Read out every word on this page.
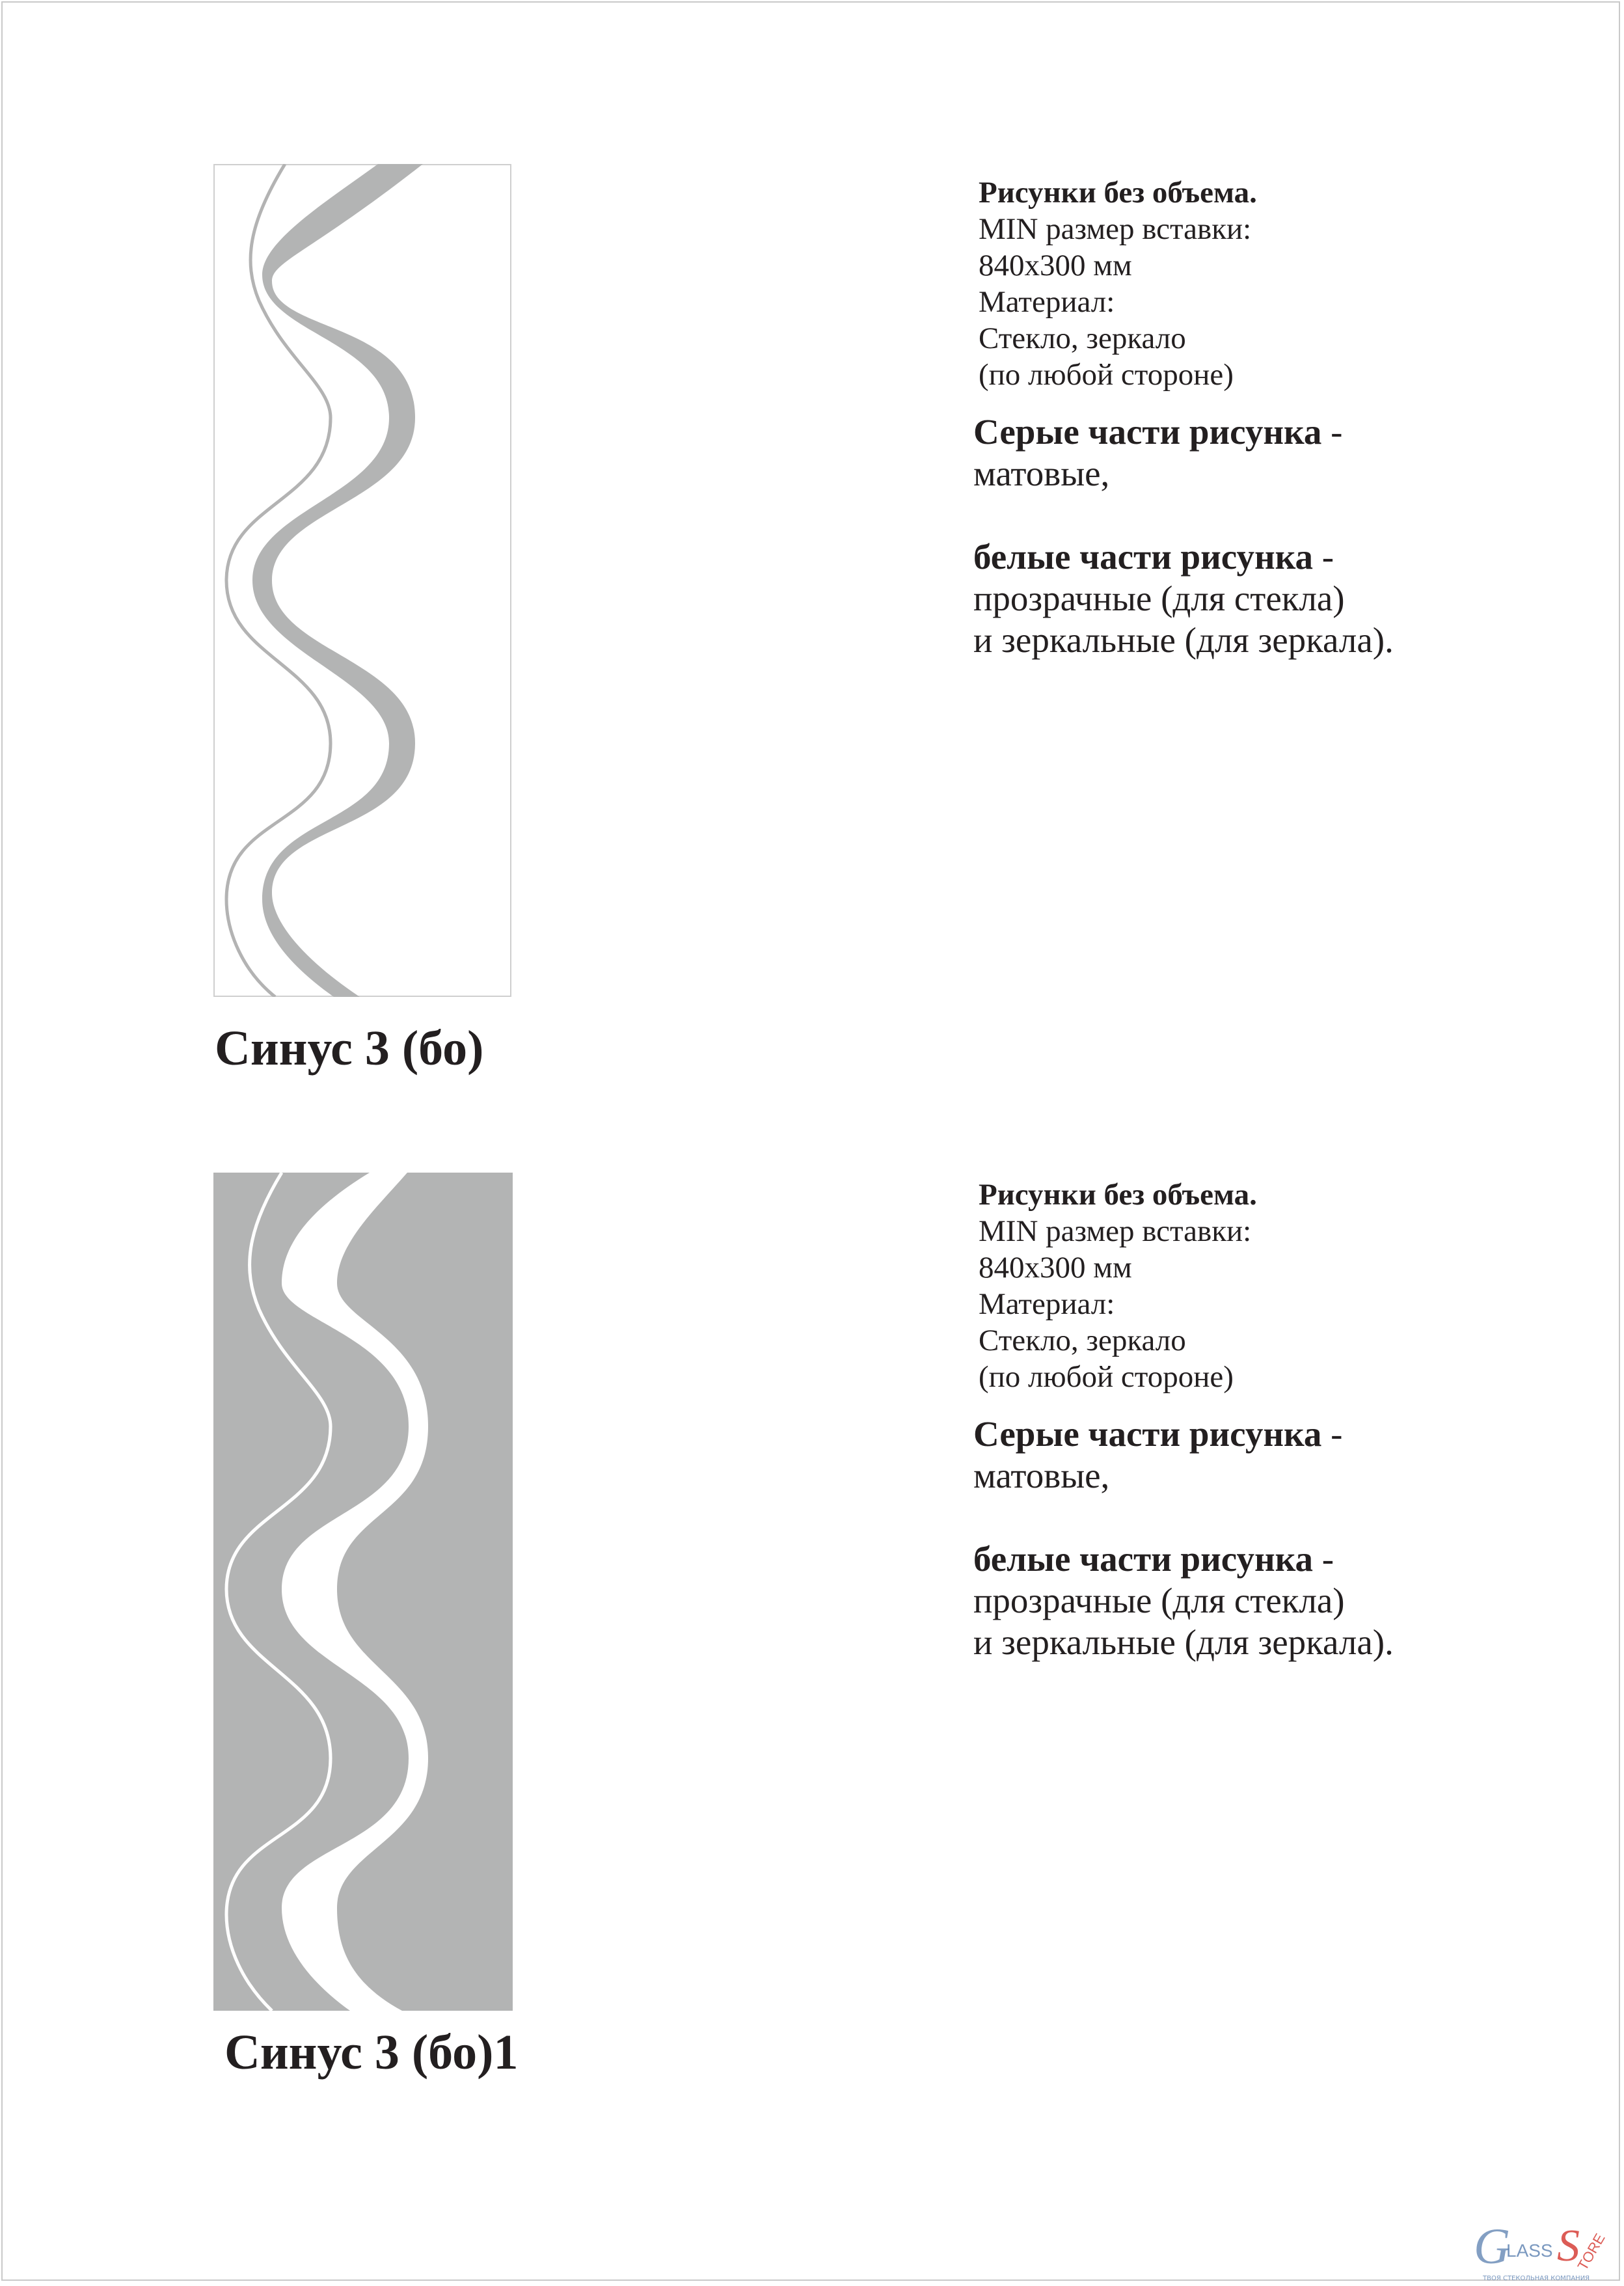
Синус 3 (бо)
Рисунки без объема.
MIN размер вставки:
840х300 мм
Материал:
Стекло, зеркало
(по любой стороне)
Серые части рисунка -
матовые,
белые части рисунка -
прозрачные (для стекла)
и зеркальные (для зеркала).
Синус 3 (бо)1
Рисунки без объема.
MIN размер вставки:
840х300 мм
Материал:
Стекло, зеркало
(по любой стороне)
Серые части рисунка -
матовые,
белые части рисунка -
прозрачные (для стекла)
и зеркальные (для зеркала).
G
LASS S
TORE
ТВОЯ СТЕКОЛЬНАЯ КОМПАНИЯ
